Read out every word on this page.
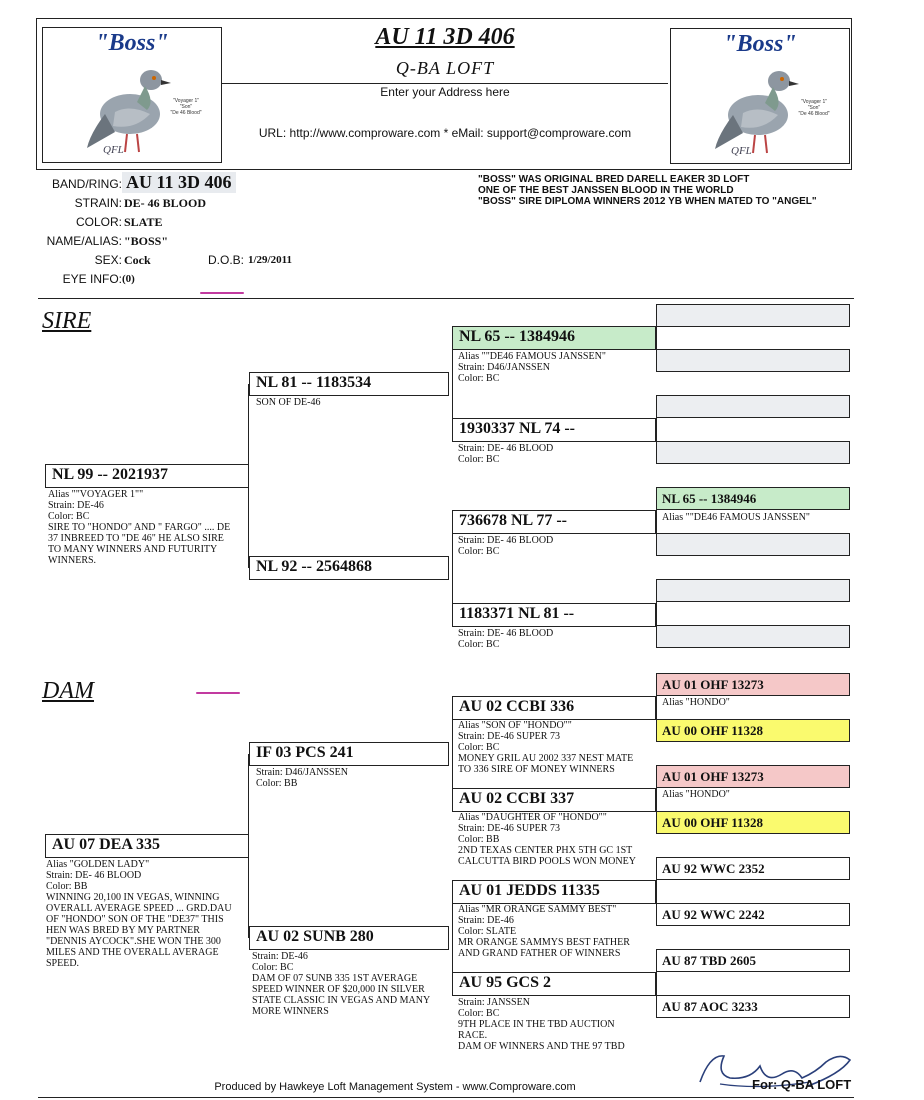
"Boss"
"Voyager 1"
"Son"
"De 46 Blood"
QFL
"Boss"
"Voyager 1"
"Son"
"De 46 Blood"
QFL
AU 11 3D 406
Q-BA LOFT
Enter your Address here
URL: http://www.comproware.com * eMail: support@comproware.com
BAND/RING: AU 11 3D 406
STRAIN: DE- 46 BLOOD
COLOR: SLATE
NAME/ALIAS: "BOSS"
SEX: Cock	D.O.B: 1/29/2011
EYE INFO: (0)
"BOSS" WAS ORIGINAL BRED DARELL EAKER 3D LOFT
ONE OF THE BEST JANSSEN BLOOD IN THE WORLD
"BOSS" SIRE DIPLOMA WINNERS 2012 YB WHEN MATED TO "ANGEL"
SIRE
DAM
NL 65 -- 1384946
Alias ""DE46 FAMOUS JANSSEN"
AU 01 OHF 13273
Alias "HONDO"
AU 00 OHF 11328
AU 01 OHF 13273
Alias "HONDO"
AU 00 OHF 11328
AU 92 WWC 2352
AU 92 WWC 2242
AU 87 TBD 2605
AU 87 AOC 3233
NL 65 -- 1384946
Alias ""DE46 FAMOUS JANSSEN"
Strain: D46/JANSSEN
Color: BC
1930337 NL 74 --
Strain: DE- 46 BLOOD
Color: BC
736678 NL 77 --
Strain: DE- 46 BLOOD
Color: BC
1183371 NL 81 --
Strain: DE- 46 BLOOD
Color: BC
AU 02 CCBI 336
Alias "SON OF "HONDO""
Strain: DE-46 SUPER 73
Color: BC
MONEY GRIL AU 2002 337 NEST MATE
TO 336 SIRE OF MONEY WINNERS
AU 02 CCBI 337
Alias "DAUGHTER OF "HONDO""
Strain: DE-46 SUPER 73
Color: BB
2ND TEXAS CENTER PHX 5TH GC 1ST
CALCUTTA BIRD POOLS WON MONEY
AU 01 JEDDS 11335
Alias "MR ORANGE SAMMY BEST"
Strain: DE-46
Color: SLATE
MR ORANGE SAMMYS BEST FATHER
AND GRAND FATHER OF WINNERS
AU 95 GCS 2
Strain: JANSSEN
Color: BC
9TH PLACE IN THE TBD AUCTION
RACE.
DAM OF WINNERS AND THE 97 TBD
NL 81 -- 1183534
SON OF DE-46
NL 92 -- 2564868
IF 03 PCS 241
Strain: D46/JANSSEN
Color: BB
AU 02 SUNB 280
Strain: DE-46
Color: BC
DAM OF 07 SUNB 335 1ST AVERAGE
SPEED WINNER OF $20,000 IN SILVER
STATE CLASSIC IN VEGAS AND MANY
MORE WINNERS
NL 99 -- 2021937
Alias ""VOYAGER 1""
Strain: DE-46
Color: BC
SIRE TO "HONDO" AND " FARGO" .... DE
37 INBREED TO "DE 46" HE ALSO SIRE
TO MANY WINNERS AND FUTURITY
WINNERS.
AU 07 DEA 335
Alias "GOLDEN LADY"
Strain: DE- 46 BLOOD
Color: BB
WINNING 20,100 IN VEGAS, WINNING
OVERALL AVERAGE SPEED ... GRD.DAU
OF "HONDO" SON OF THE "DE37" THIS
HEN WAS BRED BY MY PARTNER
"DENNIS AYCOCK".SHE WON THE 300
MILES AND THE OVERALL AVERAGE
SPEED.
Produced by Hawkeye Loft Management System - www.Comproware.com	For: Q-BA LOFT
